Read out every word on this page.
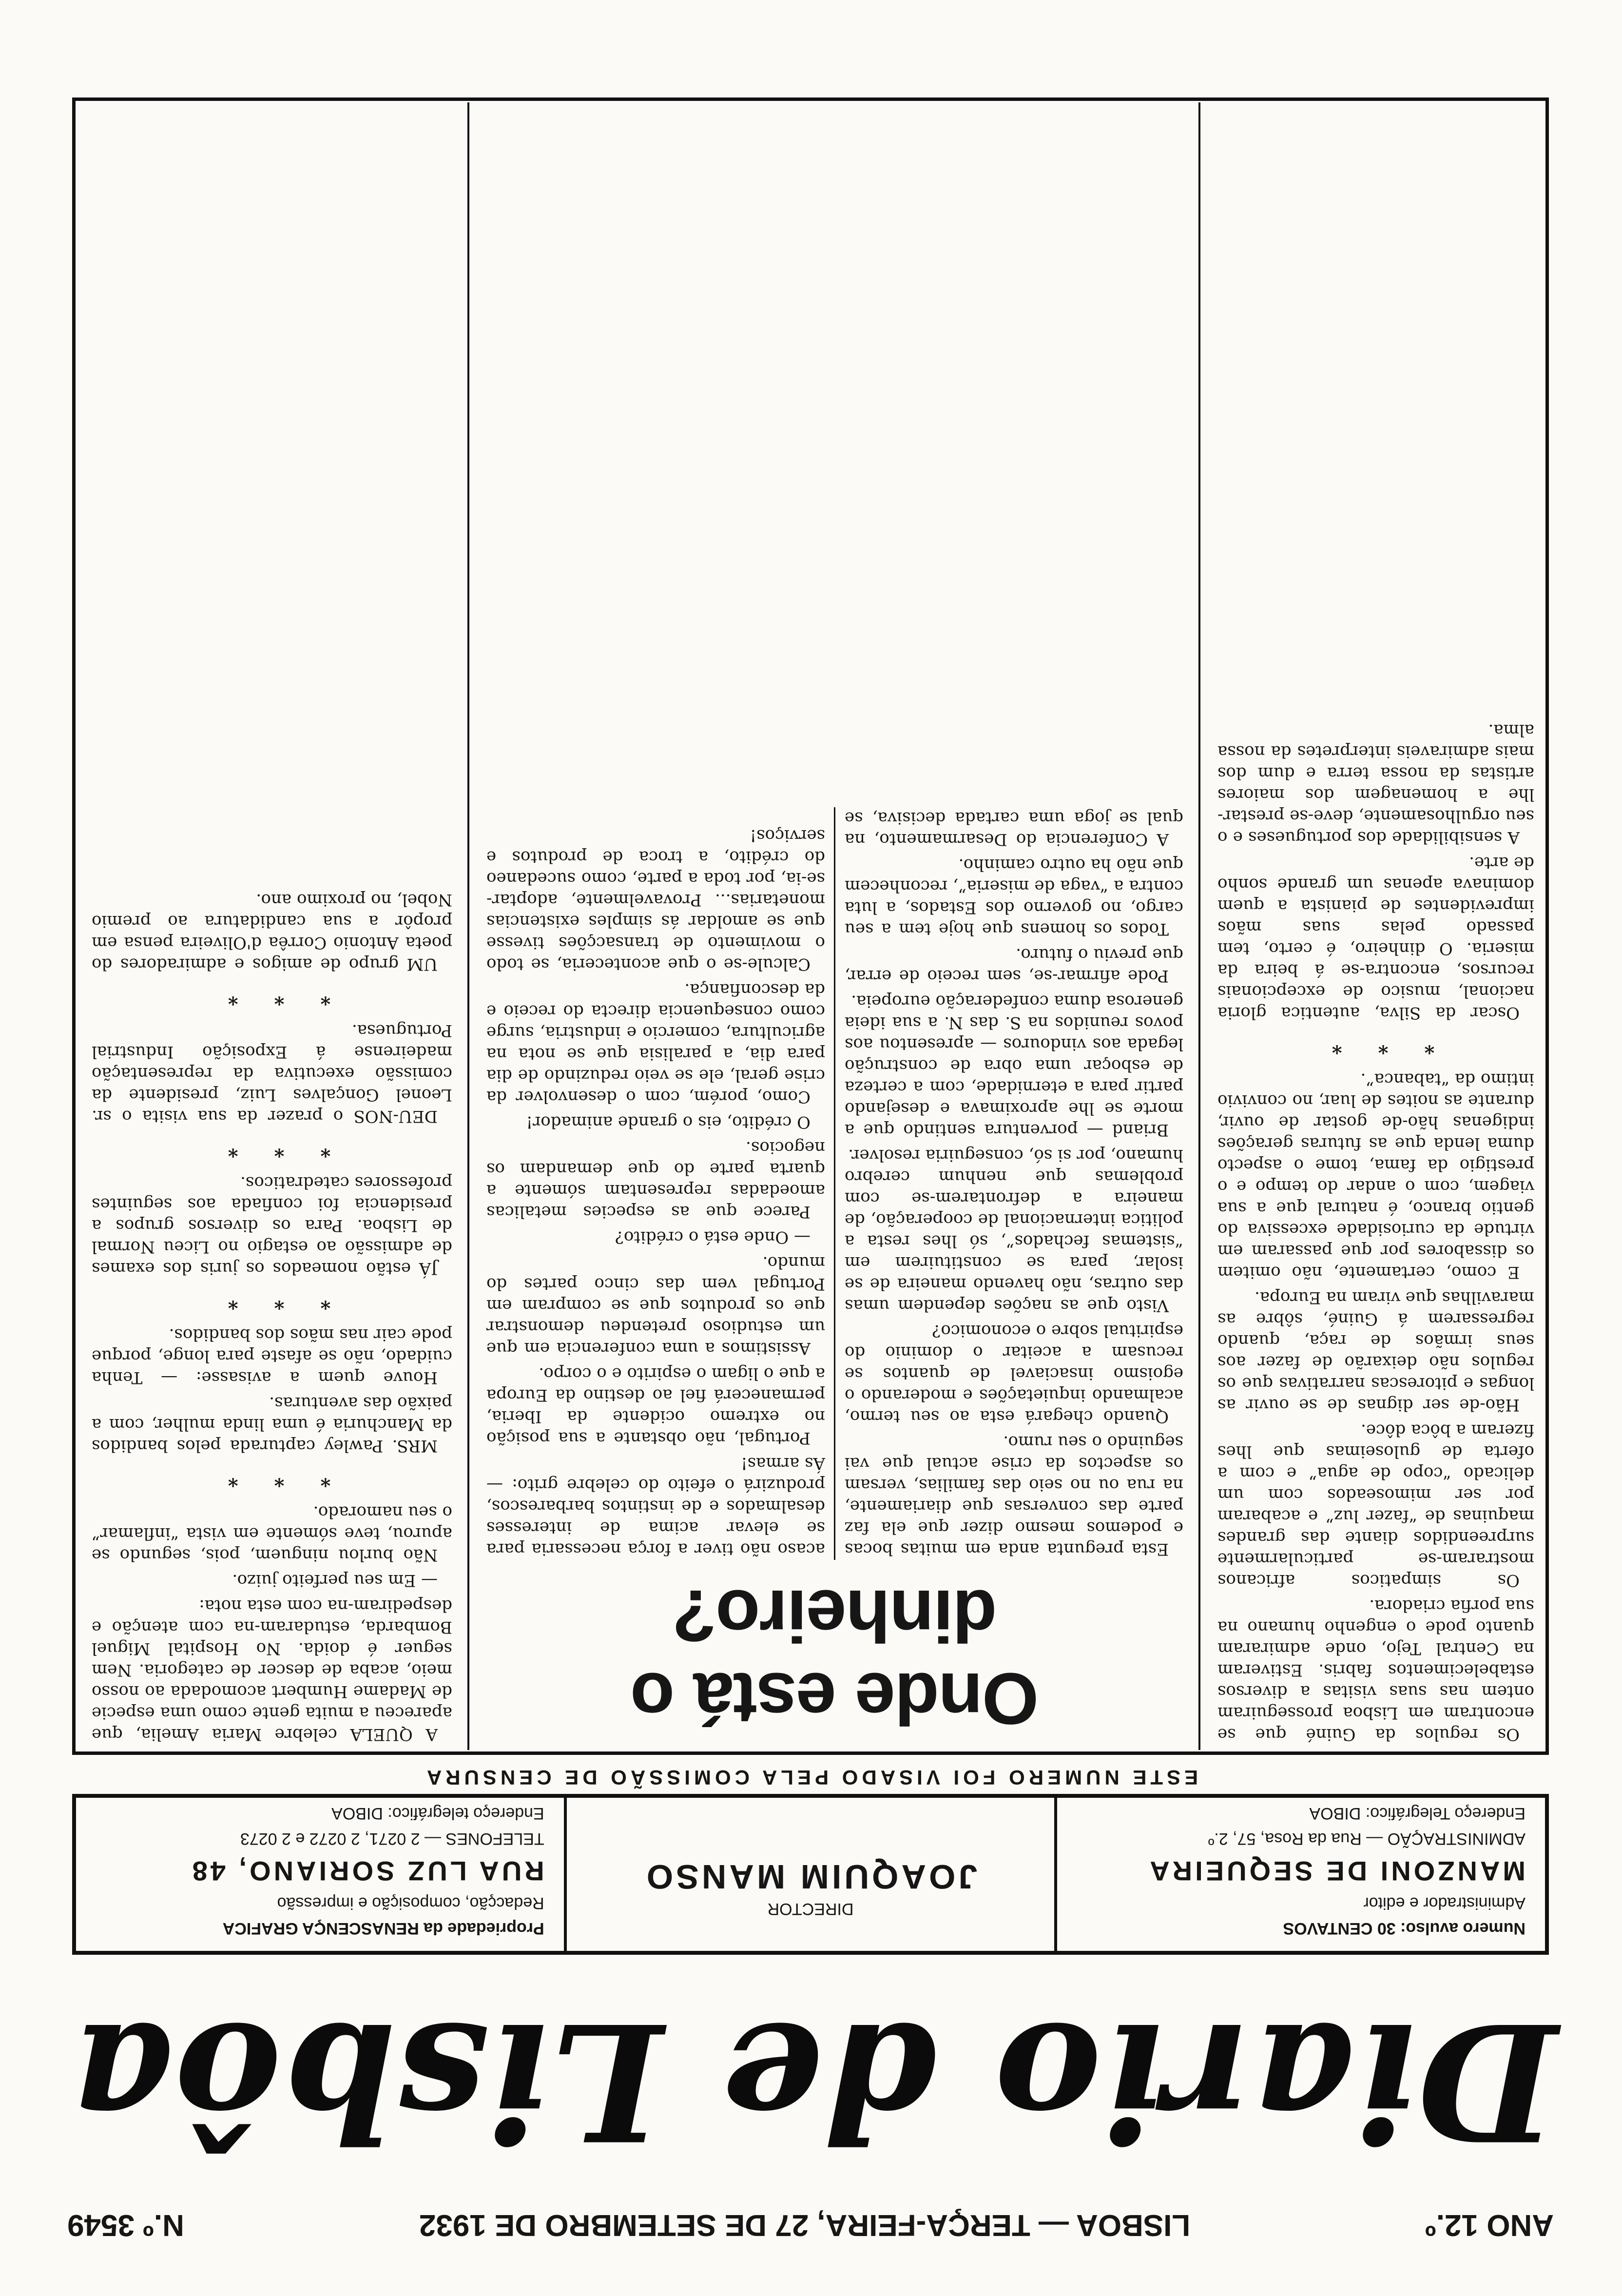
ANO 12.º
LISBOA — TERÇA-FEIRA, 27 DE SETEMBRO DE 1932
N.º 3549
Diario de Lisbôa
Numero avulso: 30 CENTAVOS
Administrador e editor
MANZONI DE SEQUEIRA
ADMINISTRAÇÃO — Rua da Rosa, 57, 2.º
Endereço Telegráfico: DIBOA
DIRECTOR
JOAQUIM MANSO
Propriedade da RENASCENÇA GRAFICA
Redacção, composição e impressão
RUA LUZ SORIANO, 48
TELEFONES — 2 0271, 2 0272 e 2 0273
Endereço telegráfico: DIBOA
ESTE NUMERO FOI VISADO PELA COMISSÃO DE CENSURA

Os regulos da Guiné que se encontram em Lisboa prosseguiram ontem nas suas visitas a diversos estabelecimentos fabris. Estiveram na Central Tejo, onde admiraram quanto pode o engenho humano na sua porfia criadora.

Os simpaticos africanos mostraram-se particularmente surpreendidos diante das grandes maquinas de “fazer luz” e acabaram por ser mimoseados com um delicado “copo de agua” e com a oferta de guloseimas que lhes fizeram a bôca dôce.

Hão-de ser dignas de se ouvir as longas e pitorescas narrativas que os regulos não deixarão de fazer aos seus irmãos de raça, quando regressarem á Guiné, sôbre as maravilhas que viram na Europa.

E como, certamente, não omitem os dissabores por que passaram em virtude da curiosidade excessiva do gentio branco, é natural que a sua viagem, com o andar do tempo e o prestigio da fama, tome o aspecto duma lenda que as futuras gerações indigenas hão-de gostar de ouvir, durante as noites de luar, no convivio intimo da “tabanca”.

* * *

Oscar da Silva, autentica gloria nacional, musico de excepcionais recursos, encontra-se á beira da miseria. O dinheiro, é certo, tem passado pelas suas mãos imprevidentes de pianista a quem dominava apenas um grande sonho de arte.

A sensibilidade dos portugueses e o seu orgulhosamente, deve-se prestar-lhe a homenagem dos maiores artistas da nossa terra e dum dos mais admiraveis interpretes da nossa alma.

Onde está o dinheiro?

Esta pregunta anda em muitas bocas e podemos mesmo dizer que ela faz parte das conversas que diariamente, na rua ou no seio das familias, versam os aspectos da crise actual que vai seguindo o seu rumo.

Quando chegará esta ao seu termo, acalmando inquietações e moderando o egoismo insaciavel de quantos se recusam a aceitar o dominio do espiritual sobre o economico?

Visto que as nações dependem umas das outras, não havendo maneira de se isolar, para se constituirem em “sistemas fechados”, só lhes resta a politica internacional de cooperação, de maneira a defrontarem-se com problemas que nenhum cerebro humano, por si só, conseguiria resolver.

Briand — porventura sentindo que a morte se lhe aproximava e desejando partir para a eternidade, com a certeza de esboçar uma obra de construção legada aos vindouros — apresentou aos povos reunidos na S. das N. a sua ideia generosa duma confederação europeia.

Pode afirmar-se, sem receio de errar, que previu o futuro.

Todos os homens que hoje tem a seu cargo, no governo dos Estados, a luta contra a “vaga de miseria”, reconhecem que não ha outro caminho.

A Conferencia do Desarmamento, na qual se joga uma cartada decisiva, se acaso não tiver a força necessaria para se elevar acima de interesses desalmados e de instintos barbarescos, produzirá o efeito do celebre grito: — Ás armas!

Portugal, não obstante a sua posição no extremo ocidente da Iberia, permanecerá fiel ao destino da Europa a que o ligam o espirito e o corpo.

Assistimos a uma conferencia em que um estudioso pretendeu demonstrar que os produtos que se compram em Portugal vem das cinco partes do mundo.

— Onde está o crédito?

Parece que as especies metalicas amoedadas representam sómente a quarta parte do que demandam os negocios.

O crédito, eis o grande animador!

Como, porém, com o desenvolver da crise geral, ele se veio reduzindo de dia para dia, a paralisia que se nota na agricultura, comercio e industria, surge como consequencia directa do receio e da desconfiança.

Calcule-se o que aconteceria, se todo o movimento de transacções tivesse que se amoldar ás simples existencias monetarias... Provavelmente, adoptar-se-ia, por toda a parte, como sucedaneo do crédito, a troca de produtos e serviços!

A QUELA celebre Maria Amelia, que apareceu a muita gente como uma especie de Madame Humbert acomodada ao nosso meio, acaba de descer de categoria. Nem seguer é doida. No Hospital Miguel Bombarda, estudaram-na com atenção e despediram-na com esta nota:

— Em seu perfeito juizo.

Não burlou ninguem, pois, segundo se apurou, teve sómente em vista “inflamar” o seu namorado.

* * *

MRS. Pawley capturada pelos bandidos da Manchuria é uma linda mulher, com a paixão das aventuras.

Houve quem a avisasse: — Tenha cuidado, não se afaste para longe, porque pode cair nas mãos dos bandidos.

* * *

JÁ estão nomeados os juris dos exames de admissão ao estagio no Liceu Normal de Lisboa. Para os diversos grupos a presidencia foi confiada aos seguintes professores catedraticos.

* * *

DEU-NOS o prazer da sua visita o sr. Leonel Gonçalves Luiz, presidente da comissão executiva da representação madeirense á Exposição Industrial Portuguesa.

* * *

UM grupo de amigos e admiradores do poeta Antonio Corrêa d'Oliveira pensa em propôr a sua candidatura ao premio Nobel, no proximo ano.
